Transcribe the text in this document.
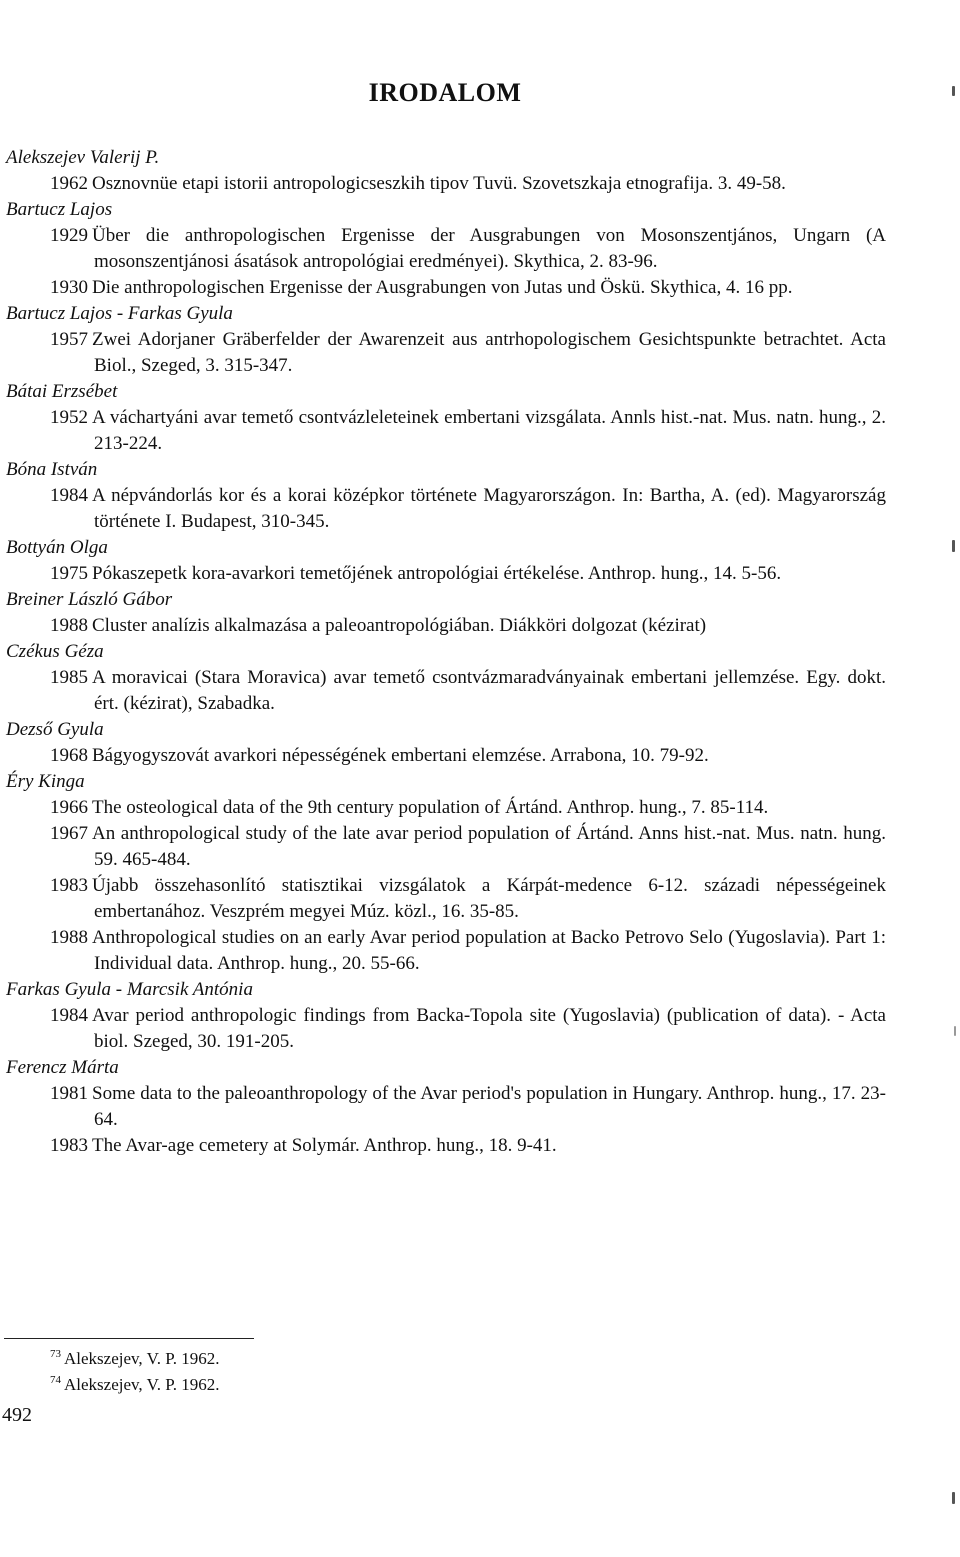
IRODALOM

Alekszejev Valerij P.

1962 Osznovnüe etapi istorii antropologicseszkih tipov Tuvü. Szovetszkaja etnografija. 3. 49-58.

Bartucz Lajos

1929 Über die anthropologischen Ergenisse der Ausgrabungen von Mosonszentjános, Ungarn (A mosonszentjánosi ásatások antropológiai eredményei). Skythica, 2. 83-96.

1930 Die anthropologischen Ergenisse der Ausgrabungen von Jutas und Öskü. Skythica, 4. 16 pp.

Bartucz Lajos - Farkas Gyula

1957 Zwei Adorjaner Gräberfelder der Awarenzeit aus antrhopologischem Gesichtspunkte betrachtet. Acta Biol., Szeged, 3. 315-347.

Bátai Erzsébet

1952 A váchartyáni avar temető csontvázleleteinek embertani vizsgálata. Annls hist.-nat. Mus. natn. hung., 2. 213-224.

Bóna István

1984 A népvándorlás kor és a korai középkor története Magyarországon. In: Bartha, A. (ed). Magyarország története I. Budapest, 310-345.

Bottyán Olga

1975 Pókaszepetk kora-avarkori temetőjének antropológiai értékelése. Anthrop. hung., 14. 5-56.

Breiner László Gábor

1988 Cluster analízis alkalmazása a paleoantropológiában. Diákköri dolgozat (kézirat)

Czékus Géza

1985 A moravicai (Stara Moravica) avar temető csontvázmaradványainak embertani jellemzése. Egy. dokt. ért. (kézirat), Szabadka.

Dezső Gyula

1968 Bágyogyszovát avarkori népességének embertani elemzése. Arrabona, 10. 79-92.

Éry Kinga

1966 The osteological data of the 9th century population of Ártánd. Anthrop. hung., 7. 85-114.

1967 An anthropological study of the late avar period population of Ártánd. Anns hist.-nat. Mus. natn. hung. 59. 465-484.

1983 Újabb összehasonlító statisztikai vizsgálatok a Kárpát-medence 6-12. századi népességeinek embertanához. Veszprém megyei Múz. közl., 16. 35-85.

1988 Anthropological studies on an early Avar period population at Backo Petrovo Selo (Yugoslavia). Part 1: Individual data. Anthrop. hung., 20. 55-66.

Farkas Gyula - Marcsik Antónia

1984 Avar period anthropologic findings from Backa-Topola site (Yugoslavia) (publication of data). - Acta biol. Szeged, 30. 191-205.

Ferencz Márta

1981 Some data to the paleoanthropology of the Avar period's population in Hungary. Anthrop. hung., 17. 23-64.

1983 The Avar-age cemetery at Solymár. Anthrop. hung., 18. 9-41.

$^{73}$ Alekszejev, V. P. 1962.
$^{74}$ Alekszejev, V. P. 1962.
492
